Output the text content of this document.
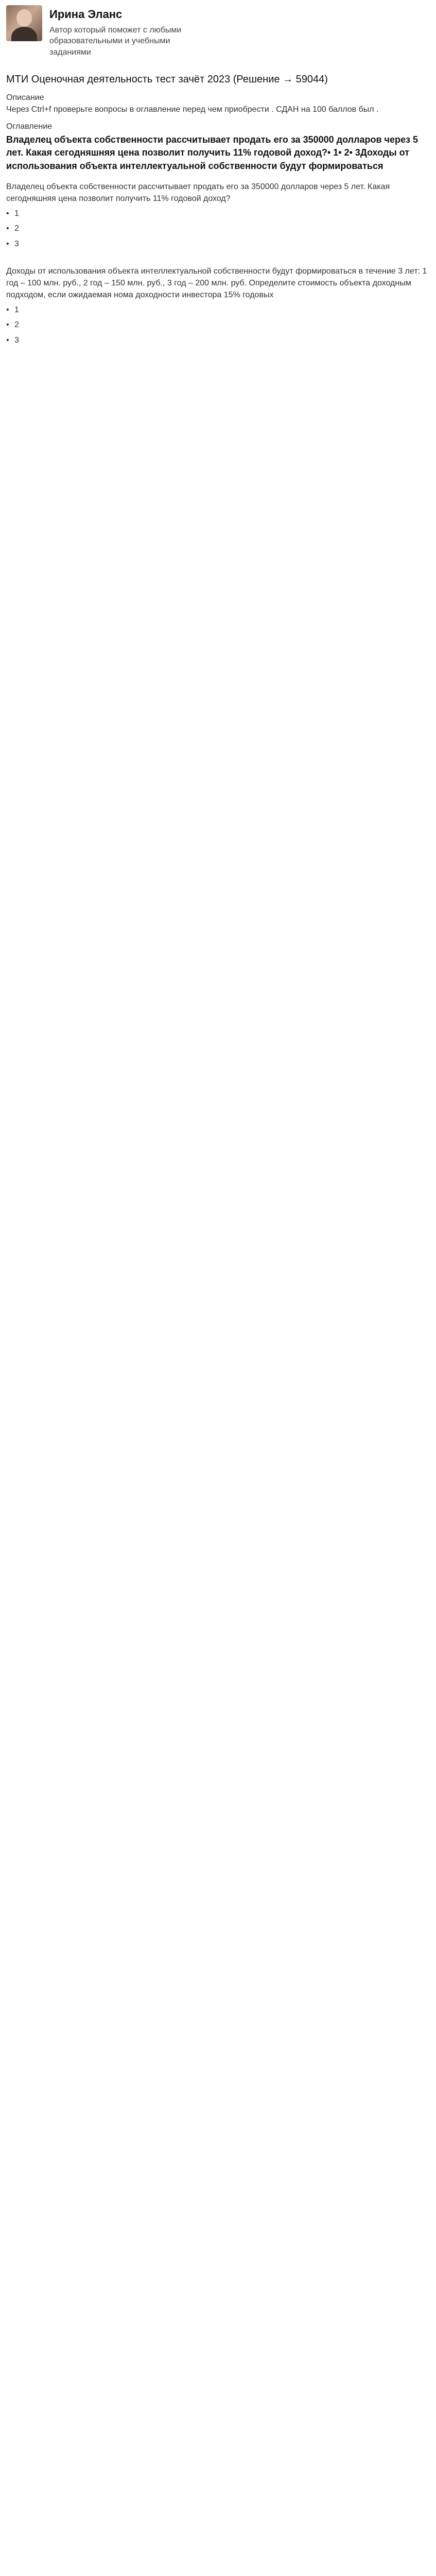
Ирина Эланс
Автор который поможет с любыми образовательными и учебными заданиями
МТИ Оценочная деятельность тест зачёт 2023 (Решение → 59044)
Описание

Через Ctrl+f проверьте вопросы в оглавление перед чем приобрести . СДАН на 100 баллов был .

Оглавление
Владелец объекта собственности рассчитывает продать его за 350000 долларов через 5 лет. Какая сегодняшняя цена позволит получить 11% годовой доход?• 1• 2• 3Доходы от использования объекта интеллектуальной собственности будут формироваться

Владелец объекта собственности рассчитывает продать его за 350000 долларов через 5 лет. Какая сегодняшняя цена позволит получить 11% годовой доход?

• 1
• 2
• 3

Доходы от использования объекта интеллектуальной собственности будут формироваться в течение 3 лет: 1 год – 100 млн. руб., 2 год – 150 млн. руб., 3 год – 200 млн. руб. Определите стоимость объекта доходным подходом, если ожидаемая нома доходности инвестора 15% годовых

• 1
• 2
• 3
